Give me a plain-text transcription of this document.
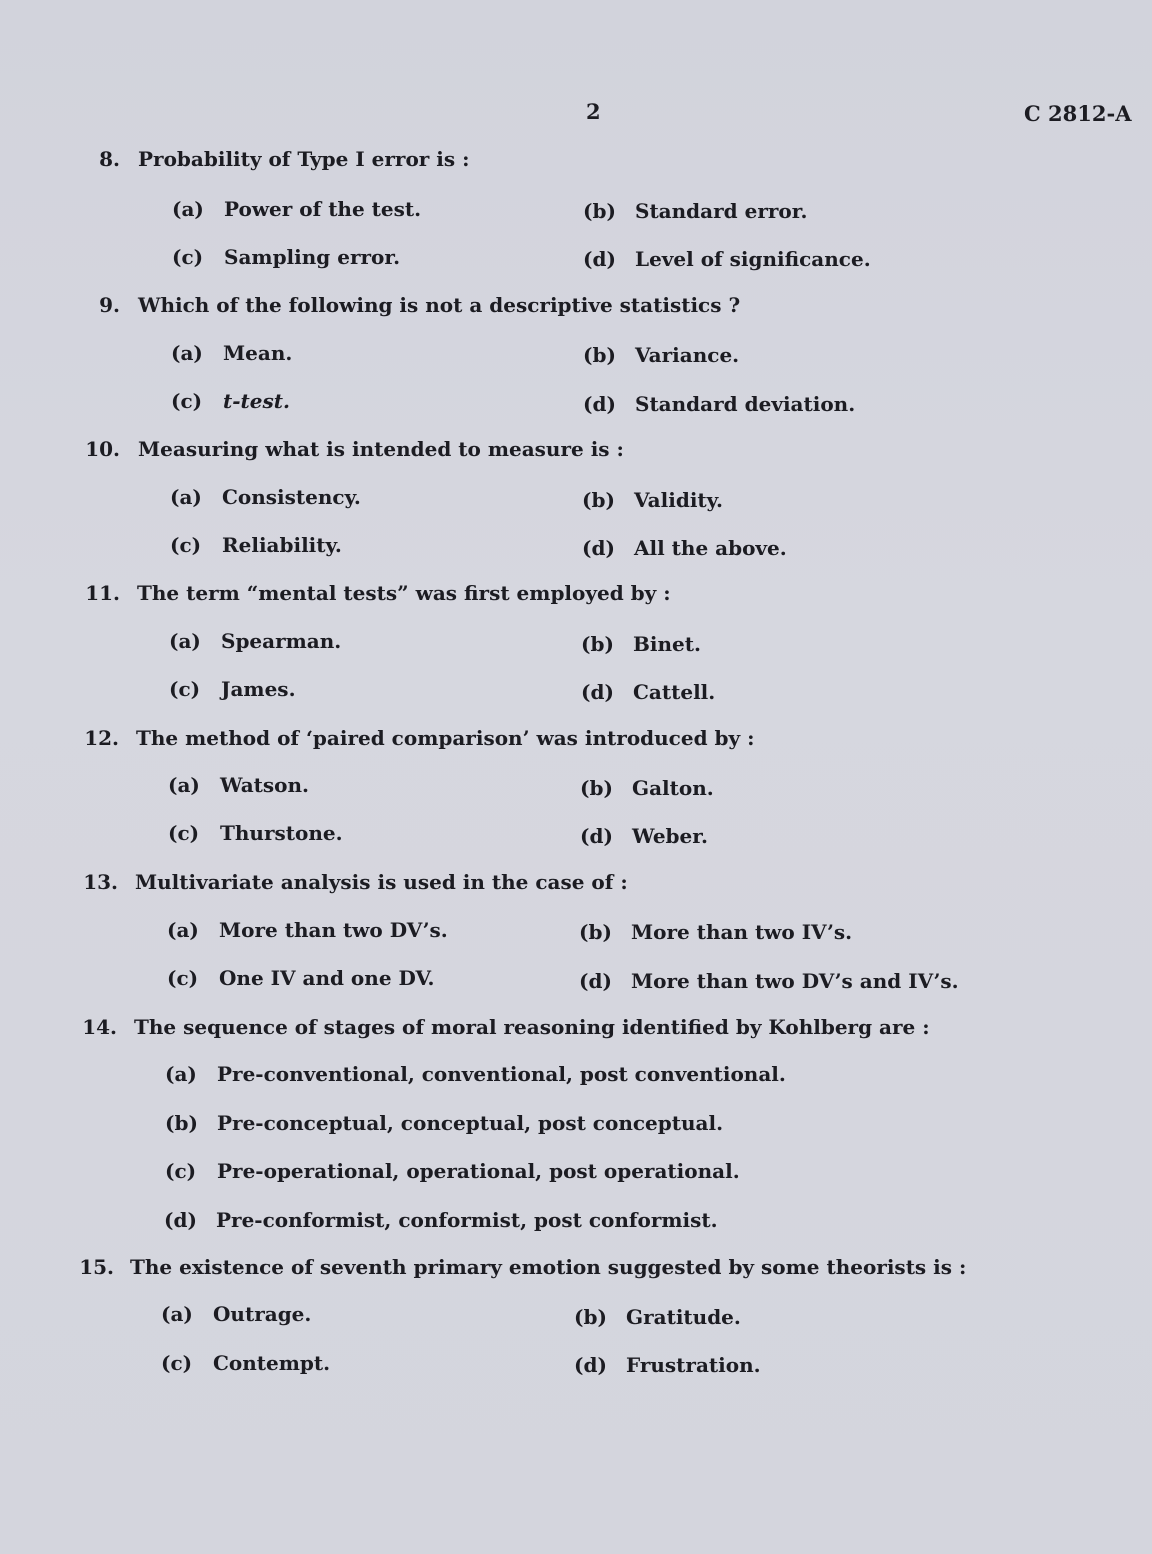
2	C 2812-A
8. Probability of Type I error is :
(a) Power of the test.	(b) Standard error.
(c) Sampling error.	(d) Level of significance.
9. Which of the following is not a descriptive statistics ?
(a) Mean.	(b) Variance.
(c) t-test.	(d) Standard deviation.
10. Measuring what is intended to measure is :
(a) Consistency.	(b) Validity.
(c) Reliability.	(d) All the above.
11. The term “mental tests” was first employed by :
(a) Spearman.	(b) Binet.
(c) James.	(d) Cattell.
12. The method of ‘paired comparison’ was introduced by :
(a) Watson.	(b) Galton.
(c) Thurstone.	(d) Weber.
13. Multivariate analysis is used in the case of :
(a) More than two DV’s.	(b) More than two IV’s.
(c) One IV and one DV.	(d) More than two DV’s and IV’s.
14. The sequence of stages of moral reasoning identified by Kohlberg are :
(a) Pre-conventional, conventional, post conventional.
(b) Pre-conceptual, conceptual, post conceptual.
(c) Pre-operational, operational, post operational.
(d) Pre-conformist, conformist, post conformist.
15. The existence of seventh primary emotion suggested by some theorists is :
(a) Outrage.	(b) Gratitude.
(c) Contempt.	(d) Frustration.
